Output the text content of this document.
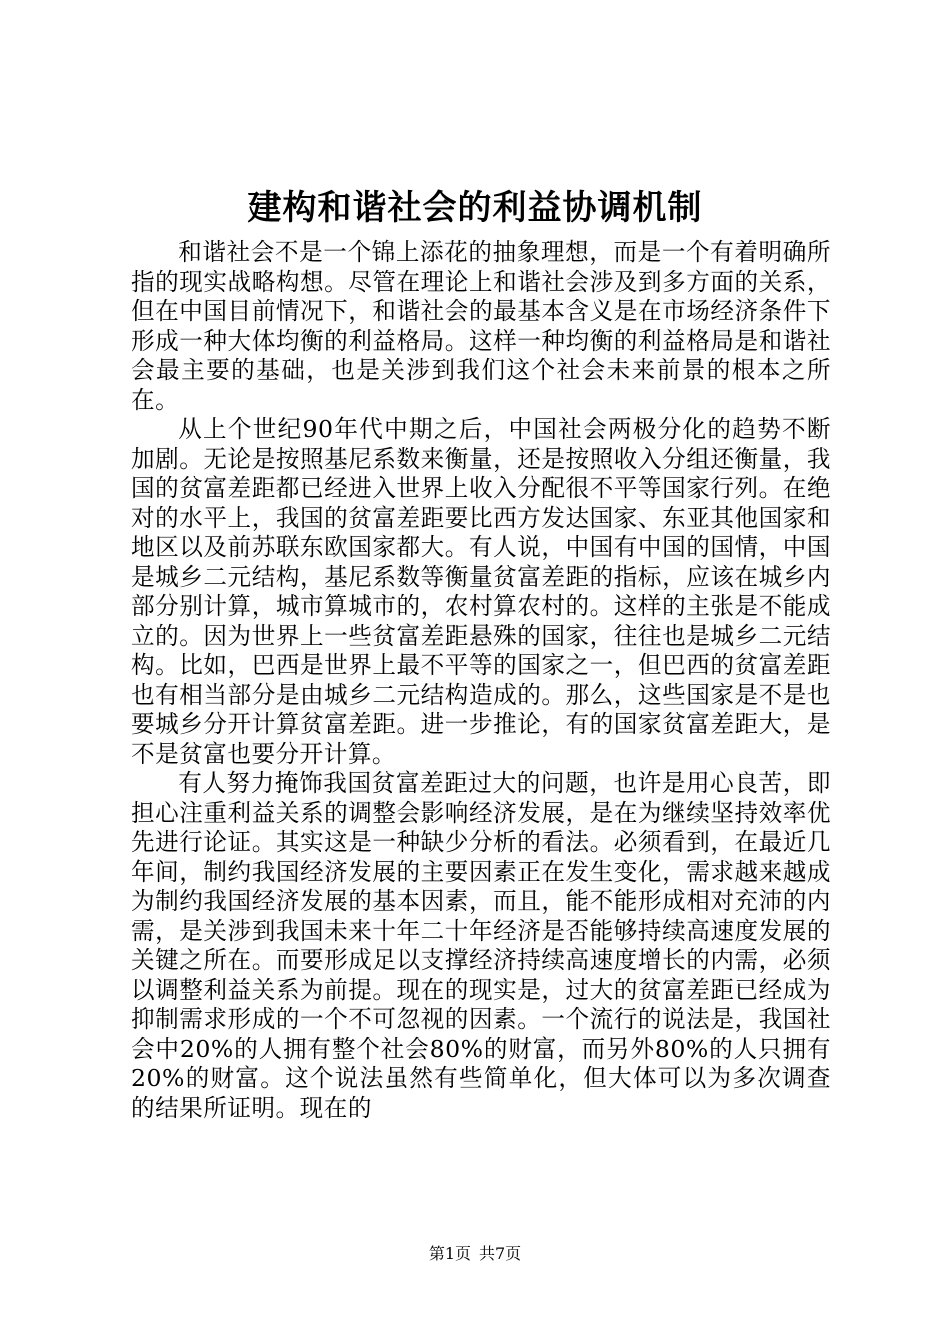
建构和谐社会的利益协调机制

和谐社会不是一个锦上添花的抽象理想，而是一个有着明确所指的现实战略构想。尽管在理论上和谐社会涉及到多方面的关系，但在中国目前情况下，和谐社会的最基本含义是在市场经济条件下形成一种大体均衡的利益格局。这样一种均衡的利益格局是和谐社会最主要的基础，也是关涉到我们这个社会未来前景的根本之所在。

从上个世纪90年代中期之后，中国社会两极分化的趋势不断加剧。无论是按照基尼系数来衡量，还是按照收入分组还衡量，我国的贫富差距都已经进入世界上收入分配很不平等国家行列。在绝对的水平上，我国的贫富差距要比西方发达国家、东亚其他国家和地区以及前苏联东欧国家都大。有人说，中国有中国的国情，中国是城乡二元结构，基尼系数等衡量贫富差距的指标，应该在城乡内部分别计算，城市算城市的，农村算农村的。这样的主张是不能成立的。因为世界上一些贫富差距悬殊的国家，往往也是城乡二元结构。比如，巴西是世界上最不平等的国家之一，但巴西的贫富差距也有相当部分是由城乡二元结构造成的。那么，这些国家是不是也要城乡分开计算贫富差距。进一步推论，有的国家贫富差距大，是不是贫富也要分开计算。

有人努力掩饰我国贫富差距过大的问题，也许是用心良苦，即担心注重利益关系的调整会影响经济发展，是在为继续坚持效率优先进行论证。其实这是一种缺少分析的看法。必须看到，在最近几年间，制约我国经济发展的主要因素正在发生变化，需求越来越成为制约我国经济发展的基本因素，而且，能不能形成相对充沛的内需，是关涉到我国未来十年二十年经济是否能够持续高速度发展的关键之所在。而要形成足以支撑经济持续高速度增长的内需，必须以调整利益关系为前提。现在的现实是，过大的贫富差距已经成为抑制需求形成的一个不可忽视的因素。一个流行的说法是，我国社会中20%的人拥有整个社会80%的财富，而另外80%的人只拥有20%的财富。这个说法虽然有些简单化，但大体可以为多次调查的结果所证明。现在的

第1页 共7页
